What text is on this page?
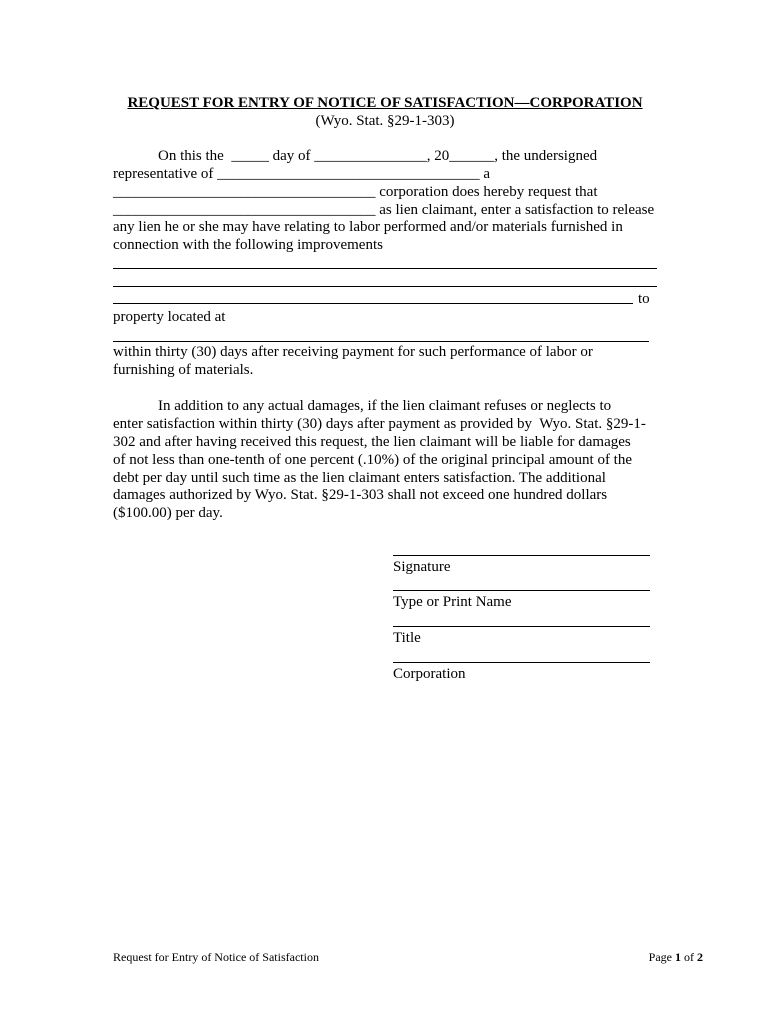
REQUEST FOR ENTRY OF NOTICE OF SATISFACTION—CORPORATION
(Wyo. Stat. §29-1-303)
On this the  _____ day of _______________, 20______, the undersigned
representative of ___________________________________ a
___________________________________ corporation does hereby request that
___________________________________ as lien claimant, enter a satisfaction to release
any lien he or she may have relating to labor performed and/or materials furnished in
connection with the following improvements
to
property located at
within thirty (30) days after receiving payment for such performance of labor or
furnishing of materials.
In addition to any actual damages, if the lien claimant refuses or neglects to
enter satisfaction within thirty (30) days after payment as provided by  Wyo. Stat. §29-1-
302 and after having received this request, the lien claimant will be liable for damages
of not less than one-tenth of one percent (.10%) of the original principal amount of the
debt per day until such time as the lien claimant enters satisfaction. The additional
damages authorized by Wyo. Stat. §29-1-303 shall not exceed one hundred dollars
($100.00) per day.
Signature
Type or Print Name
Title
Corporation
Request for Entry of Notice of Satisfaction	Page 1 of 2
